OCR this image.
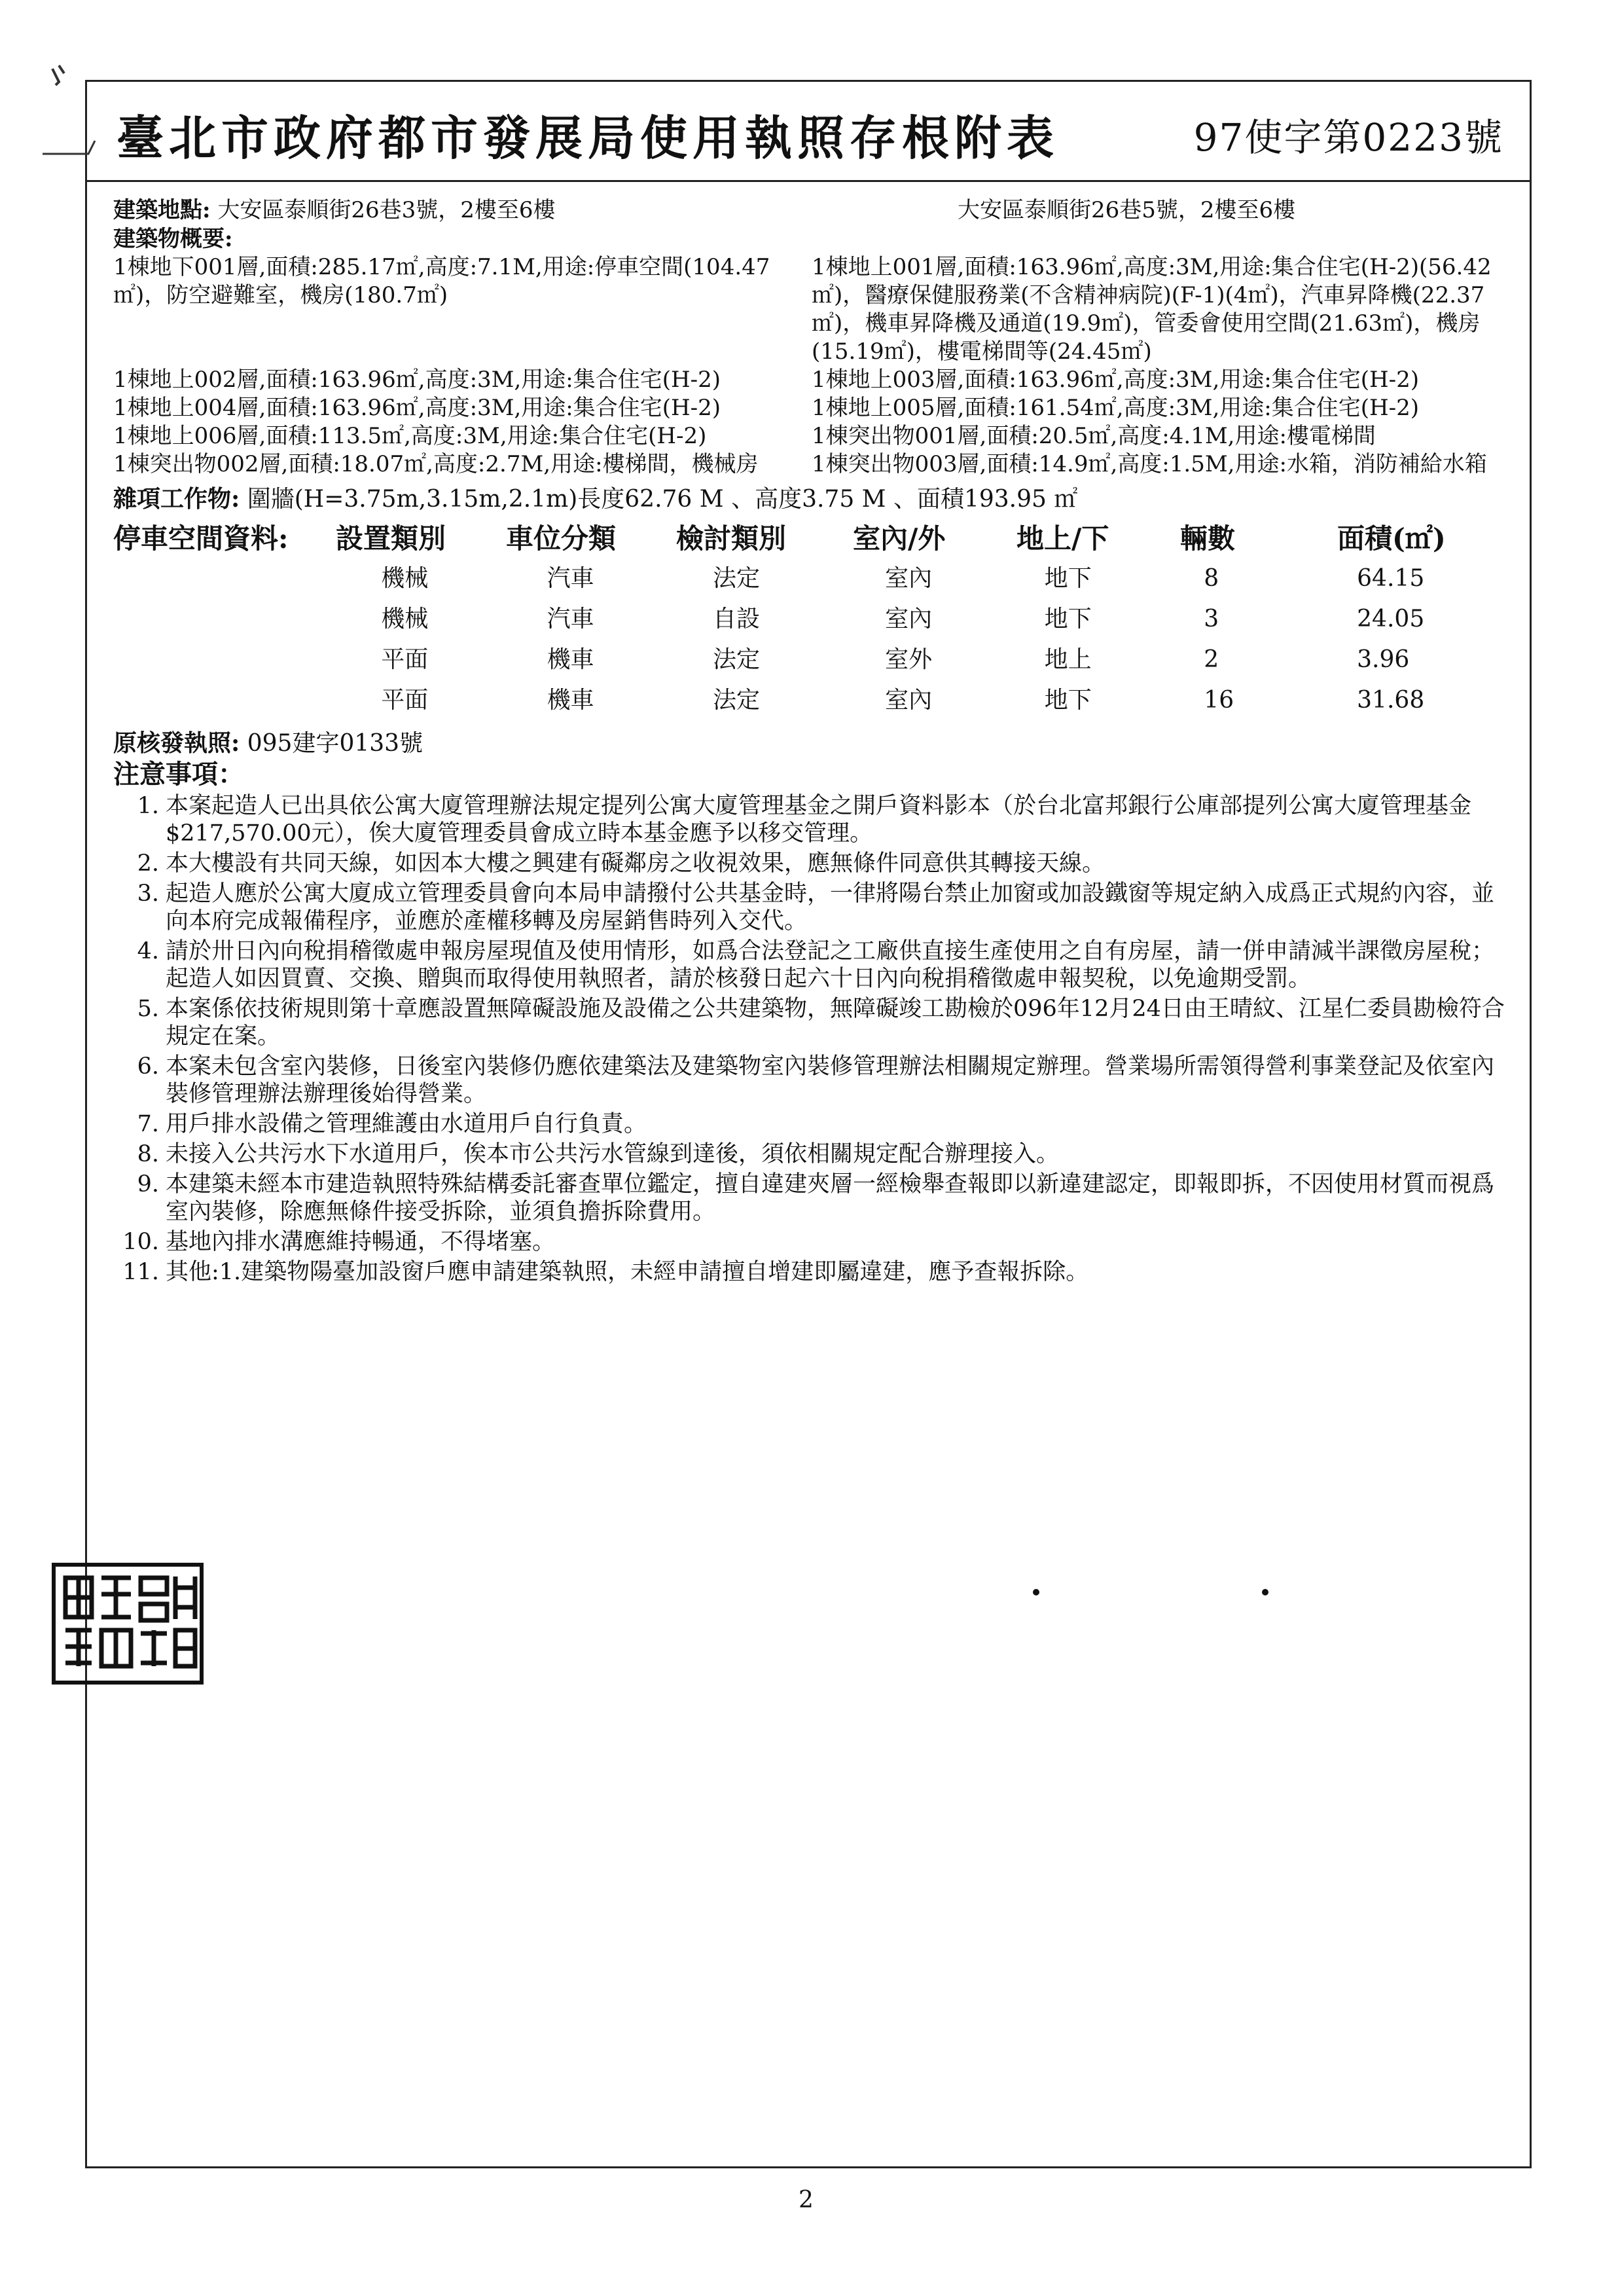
臺北市政府都市發展局使用執照存根附表	97使字第0223號
建築地點: 大安區泰順街26巷3號，2樓至6樓	大安區泰順街26巷5號，2樓至6樓
建築物概要:
1棟地下001層,面積:285.17㎡,高度:7.1M,用途:停車空間(104.47㎡)，防空避難室，機房(180.7㎡)
1棟地上001層,面積:163.96㎡,高度:3M,用途:集合住宅(H-2)(56.42㎡)，醫療保健服務業(不含精神病院)(F-1)(4㎡)，汽車昇降機(22.37㎡)，機車昇降機及通道(19.9㎡)，管委會使用空間(21.63㎡)，機房(15.19㎡)，樓電梯間等(24.45㎡)
1棟地上002層,面積:163.96㎡,高度:3M,用途:集合住宅(H-2)	1棟地上003層,面積:163.96㎡,高度:3M,用途:集合住宅(H-2)
1棟地上004層,面積:163.96㎡,高度:3M,用途:集合住宅(H-2)	1棟地上005層,面積:161.54㎡,高度:3M,用途:集合住宅(H-2)
1棟地上006層,面積:113.5㎡,高度:3M,用途:集合住宅(H-2)	1棟突出物001層,面積:20.5㎡,高度:4.1M,用途:樓電梯間
1棟突出物002層,面積:18.07㎡,高度:2.7M,用途:樓梯間，機械房	1棟突出物003層,面積:14.9㎡,高度:1.5M,用途:水箱，消防補給水箱
雜項工作物: 圍牆(H=3.75m,3.15m,2.1m)長度62.76 M 、高度3.75 M 、面積193.95 ㎡
停車空間資料:	設置類別	車位分類	檢討類別	室內/外	地上/下	輛數	面積(㎡)
機械	汽車	法定	室內	地下	8	64.15
機械	汽車	自設	室內	地下	3	24.05
平面	機車	法定	室外	地上	2	3.96
平面	機車	法定	室內	地下	16	31.68
原核發執照: 095建字0133號
注意事項：
1. 本案起造人已出具依公寓大廈管理辦法規定提列公寓大廈管理基金之開戶資料影本（於台北富邦銀行公庫部提列公寓大廈管理基金$217,570.00元），俟大廈管理委員會成立時本基金應予以移交管理。
2. 本大樓設有共同天線，如因本大樓之興建有礙鄰房之收視效果，應無條件同意供其轉接天線。
3. 起造人應於公寓大廈成立管理委員會向本局申請撥付公共基金時，一律將陽台禁止加窗或加設鐵窗等規定納入成爲正式規約內容，並向本府完成報備程序，並應於產權移轉及房屋銷售時列入交代。
4. 請於卅日內向稅捐稽徵處申報房屋現值及使用情形，如爲合法登記之工廠供直接生產使用之自有房屋，請一併申請減半課徵房屋稅；起造人如因買賣、交換、贈與而取得使用執照者，請於核發日起六十日內向稅捐稽徵處申報契稅，以免逾期受罰。
5. 本案係依技術規則第十章應設置無障礙設施及設備之公共建築物，無障礙竣工勘檢於096年12月24日由王晴紋、江星仁委員勘檢符合規定在案。
6. 本案未包含室內裝修，日後室內裝修仍應依建築法及建築物室內裝修管理辦法相關規定辦理。營業場所需領得營利事業登記及依室內裝修管理辦法辦理後始得營業。
7. 用戶排水設備之管理維護由水道用戶自行負責。
8. 未接入公共污水下水道用戶，俟本市公共污水管線到達後，須依相關規定配合辦理接入。
9. 本建築未經本市建造執照特殊結構委託審查單位鑑定，擅自違建夾層一經檢舉查報即以新違建認定，即報即拆，不因使用材質而視爲室內裝修，除應無條件接受拆除，並須負擔拆除費用。
10. 基地內排水溝應維持暢通，不得堵塞。
11. 其他:1.建築物陽臺加設窗戶應申請建築執照，未經申請擅自增建即屬違建，應予查報拆除。
2
